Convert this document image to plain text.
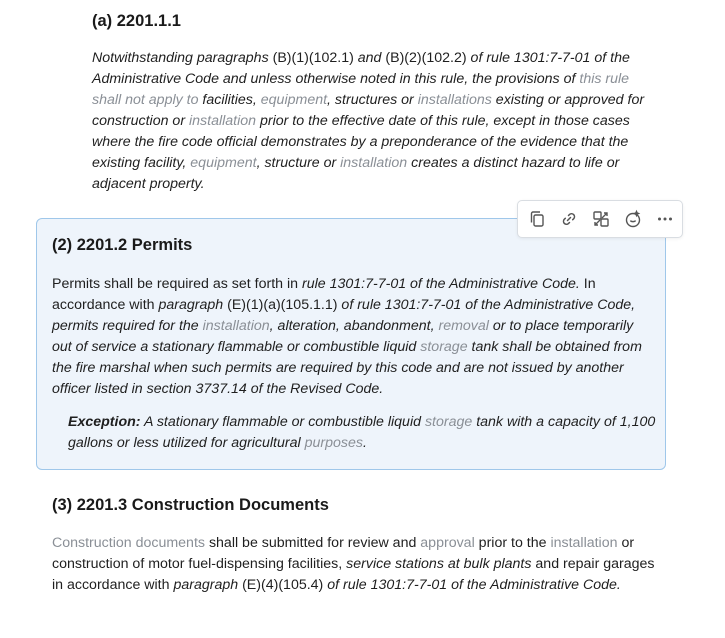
(a) 2201.1.1

Notwithstanding paragraphs (B)(1)(102.1) and (B)(2)(102.2) of rule 1301:7-7-01 of the Administrative Code and unless otherwise noted in this rule, the provisions of this rule shall not apply to facilities, equipment, structures or installations existing or approved for construction or installation prior to the effective date of this rule, except in those cases where the fire code official demonstrates by a preponderance of the evidence that the existing facility, equipment, structure or installation creates a distinct hazard to life or adjacent property.

(2) 2201.2 Permits

Permits shall be required as set forth in rule 1301:7-7-01 of the Administrative Code. In accordance with paragraph (E)(1)(a)(105.1.1) of rule 1301:7-7-01 of the Administrative Code, permits required for the installation, alteration, abandonment, removal or to place temporarily out of service a stationary flammable or combustible liquid storage tank shall be obtained from the fire marshal when such permits are required by this code and are not issued by another officer listed in section 3737.14 of the Revised Code.

Exception: A stationary flammable or combustible liquid storage tank with a capacity of 1,100 gallons or less utilized for agricultural purposes.

(3) 2201.3 Construction Documents

Construction documents shall be submitted for review and approval prior to the installation or construction of motor fuel-dispensing facilities, service stations at bulk plants and repair garages in accordance with paragraph (E)(4)(105.4) of rule 1301:7-7-01 of the Administrative Code.
